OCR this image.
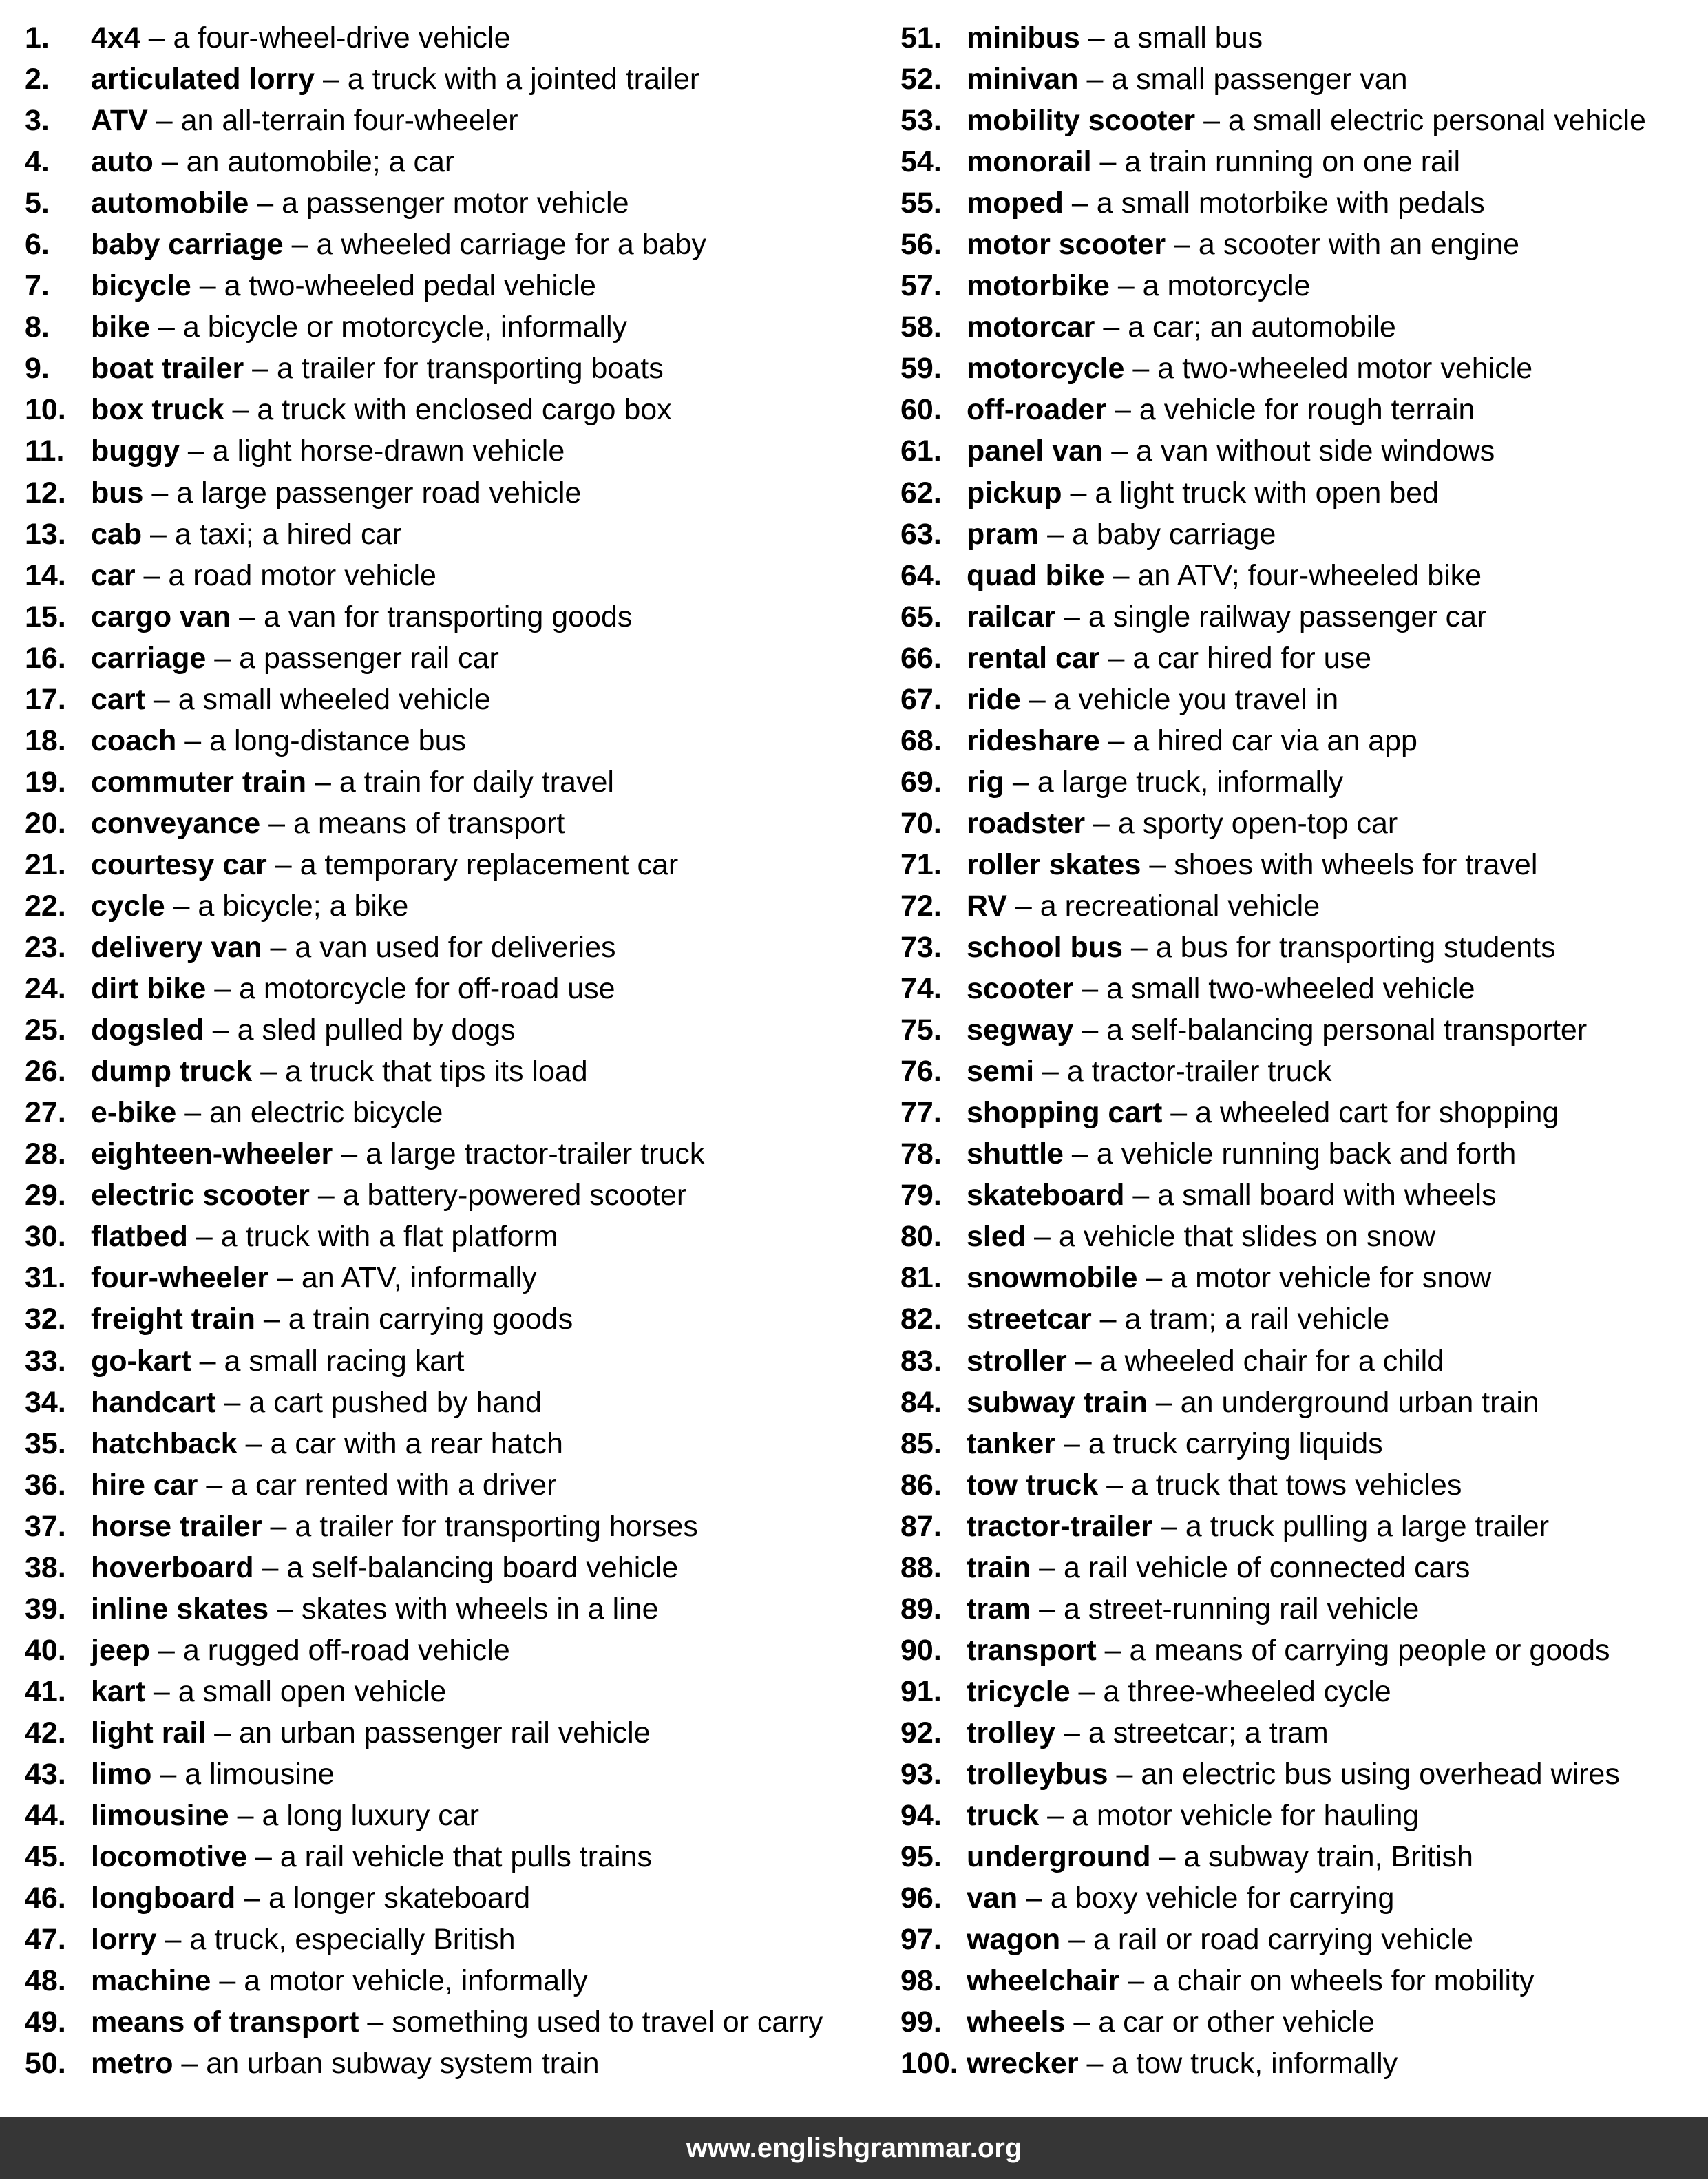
1.	4x4 – a four-wheel-drive vehicle
2.	articulated lorry – a truck with a jointed trailer
3.	ATV – an all-terrain four-wheeler
4.	auto – an automobile; a car
5.	automobile – a passenger motor vehicle
6.	baby carriage – a wheeled carriage for a baby
7.	bicycle – a two-wheeled pedal vehicle
8.	bike – a bicycle or motorcycle, informally
9.	boat trailer – a trailer for transporting boats
10. box truck – a truck with enclosed cargo box
11. buggy – a light horse-drawn vehicle
12. bus – a large passenger road vehicle
13. cab – a taxi; a hired car
14. car – a road motor vehicle
15. cargo van – a van for transporting goods
16. carriage – a passenger rail car
17. cart – a small wheeled vehicle
18. coach – a long-distance bus
19. commuter train – a train for daily travel
20. conveyance – a means of transport
21. courtesy car – a temporary replacement car
22. cycle – a bicycle; a bike
23. delivery van – a van used for deliveries
24. dirt bike – a motorcycle for off-road use
25. dogsled – a sled pulled by dogs
26. dump truck – a truck that tips its load
27. e-bike – an electric bicycle
28. eighteen-wheeler – a large tractor-trailer truck
29. electric scooter – a battery-powered scooter
30. flatbed – a truck with a flat platform
31. four-wheeler – an ATV, informally
32. freight train – a train carrying goods
33. go-kart – a small racing kart
34. handcart – a cart pushed by hand
35. hatchback – a car with a rear hatch
36. hire car – a car rented with a driver
37. horse trailer – a trailer for transporting horses
38. hoverboard – a self-balancing board vehicle
39. inline skates – skates with wheels in a line
40. jeep – a rugged off-road vehicle
41. kart – a small open vehicle
42. light rail – an urban passenger rail vehicle
43. limo – a limousine
44. limousine – a long luxury car
45. locomotive – a rail vehicle that pulls trains
46. longboard – a longer skateboard
47. lorry – a truck, especially British
48. machine – a motor vehicle, informally
49. means of transport – something used to travel or carry
50. metro – an urban subway system train
51. minibus – a small bus
52. minivan – a small passenger van
53. mobility scooter – a small electric personal vehicle
54. monorail – a train running on one rail
55. moped – a small motorbike with pedals
56. motor scooter – a scooter with an engine
57. motorbike – a motorcycle
58. motorcar – a car; an automobile
59. motorcycle – a two-wheeled motor vehicle
60. off-roader – a vehicle for rough terrain
61. panel van – a van without side windows
62. pickup – a light truck with open bed
63. pram – a baby carriage
64. quad bike – an ATV; four-wheeled bike
65. railcar – a single railway passenger car
66. rental car – a car hired for use
67. ride – a vehicle you travel in
68. rideshare – a hired car via an app
69. rig – a large truck, informally
70. roadster – a sporty open-top car
71. roller skates – shoes with wheels for travel
72. RV – a recreational vehicle
73. school bus – a bus for transporting students
74. scooter – a small two-wheeled vehicle
75. segway – a self-balancing personal transporter
76. semi – a tractor-trailer truck
77. shopping cart – a wheeled cart for shopping
78. shuttle – a vehicle running back and forth
79. skateboard – a small board with wheels
80. sled – a vehicle that slides on snow
81. snowmobile – a motor vehicle for snow
82. streetcar – a tram; a rail vehicle
83. stroller – a wheeled chair for a child
84. subway train – an underground urban train
85. tanker – a truck carrying liquids
86. tow truck – a truck that tows vehicles
87. tractor-trailer – a truck pulling a large trailer
88. train – a rail vehicle of connected cars
89. tram – a street-running rail vehicle
90. transport – a means of carrying people or goods
91. tricycle – a three-wheeled cycle
92. trolley – a streetcar; a tram
93. trolleybus – an electric bus using overhead wires
94. truck – a motor vehicle for hauling
95. underground – a subway train, British
96. van – a boxy vehicle for carrying
97. wagon – a rail or road carrying vehicle
98. wheelchair – a chair on wheels for mobility
99. wheels – a car or other vehicle
100. wrecker – a tow truck, informally
www.englishgrammar.org
